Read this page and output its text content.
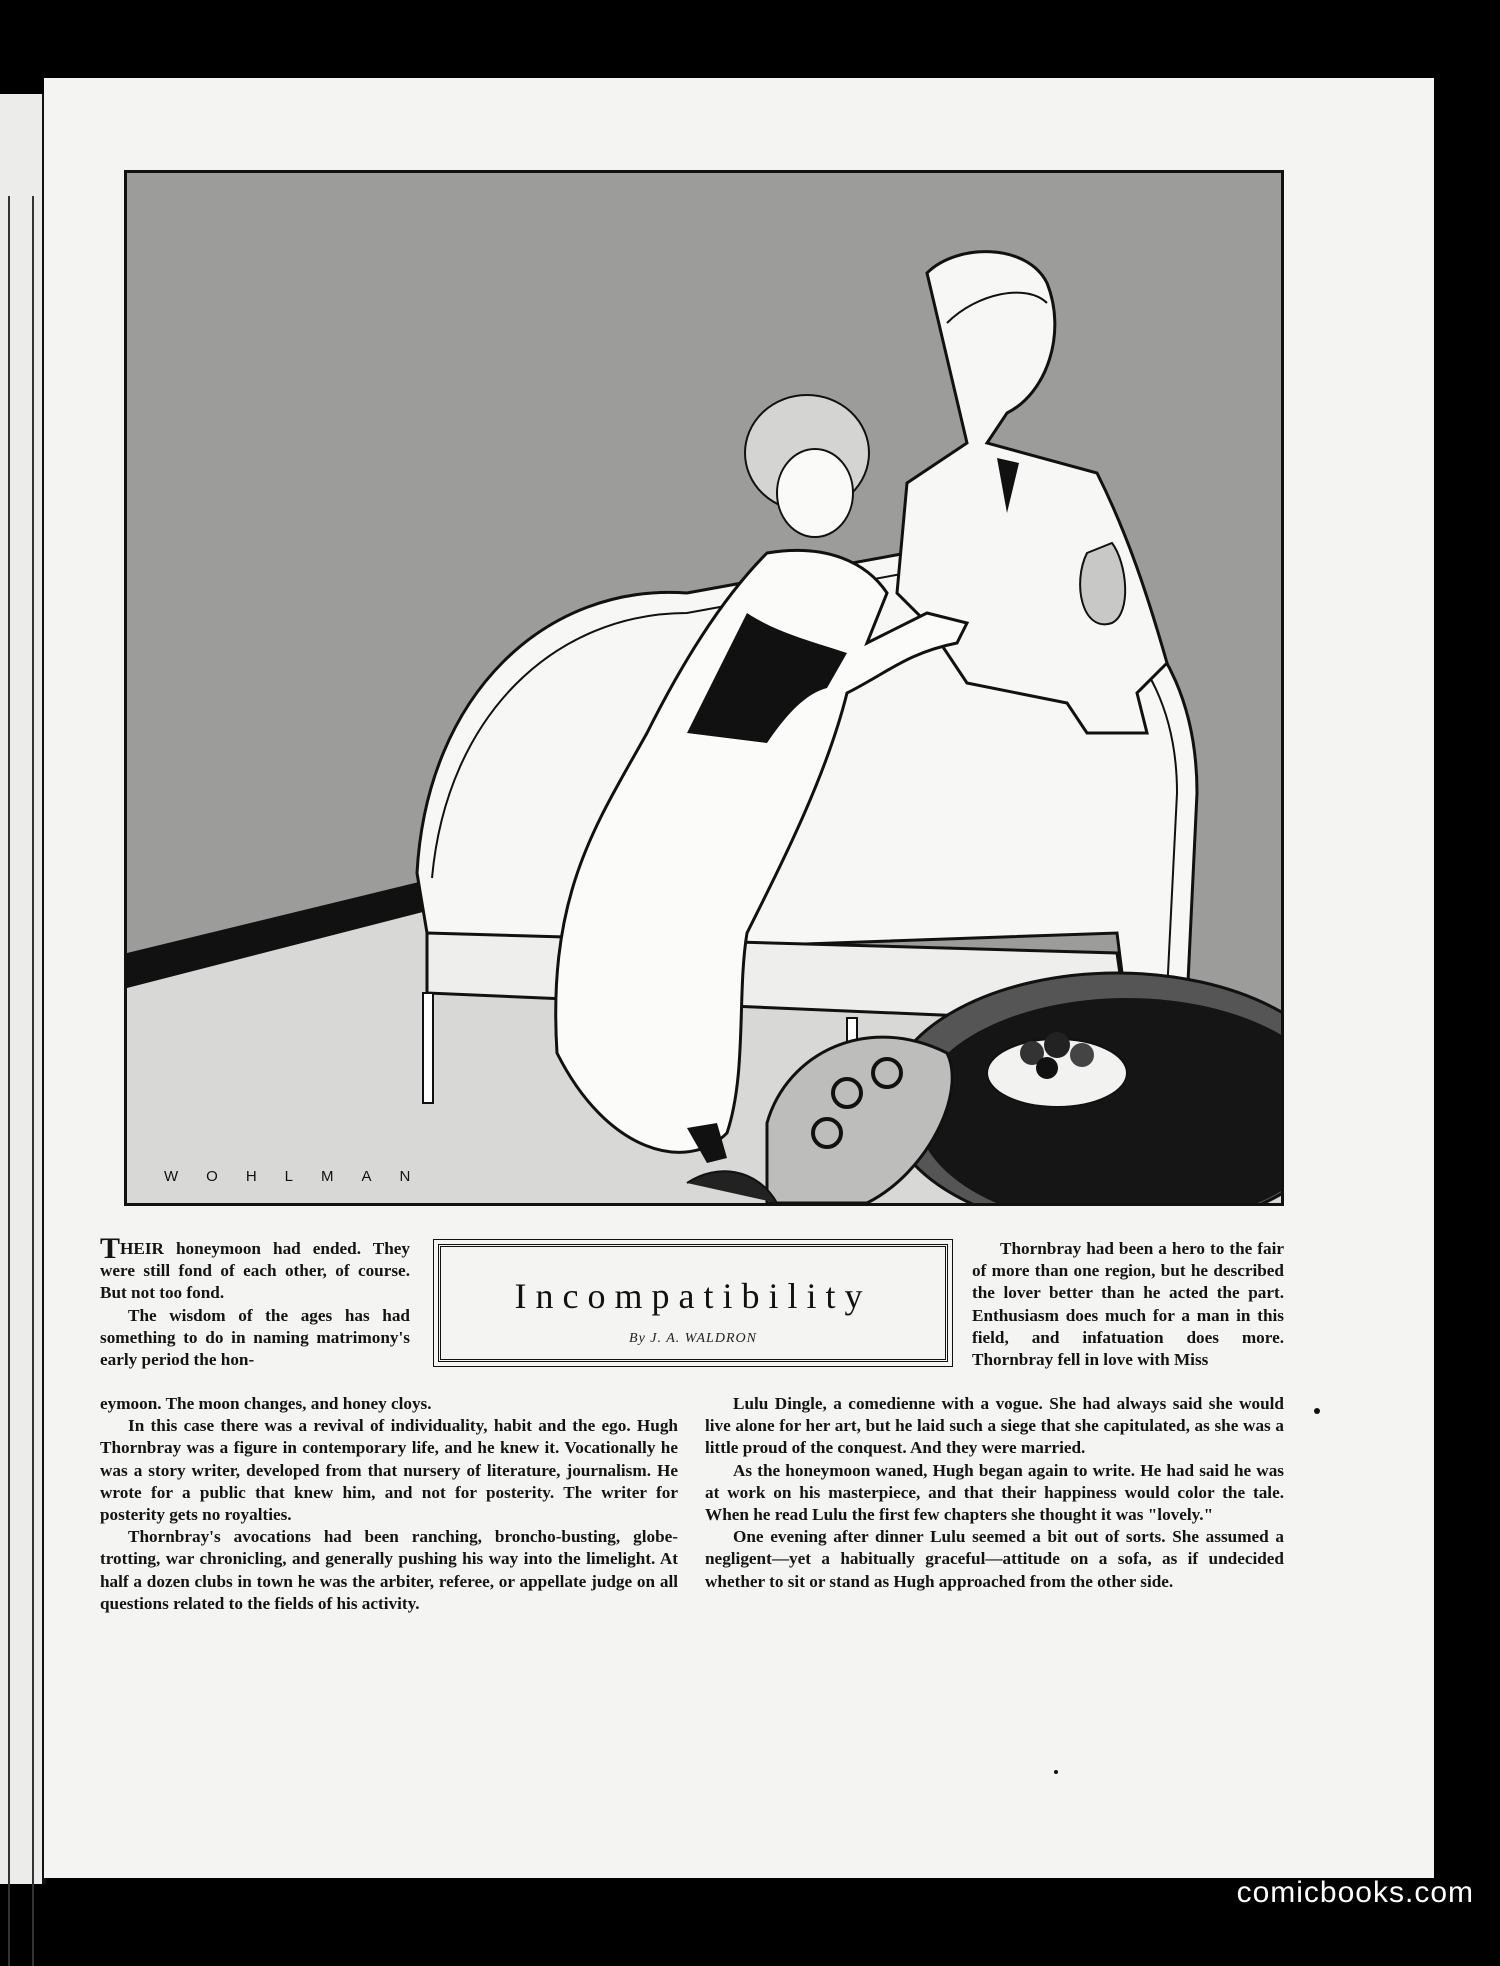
WOHLMAN
Incompatibility
By J. A. WALDRON

THEIR honeymoon had ended. They were still fond of each other, of course. But not too fond.

The wisdom of the ages has had something to do in naming matrimony's early period the hon-

eymoon. The moon changes, and honey cloys.

In this case there was a revival of individuality, habit and the ego. Hugh Thornbray was a figure in contemporary life, and he knew it. Vocationally he was a story writer, developed from that nursery of literature, journalism. He wrote for a public that knew him, and not for posterity. The writer for posterity gets no royalties.

Thornbray's avocations had been ranching, broncho-busting, globe-trotting, war chronicling, and generally pushing his way into the limelight. At half a dozen clubs in town he was the arbiter, referee, or appellate judge on all questions related to the fields of his activity.

Thornbray had been a hero to the fair of more than one region, but he described the lover better than he acted the part. Enthusiasm does much for a man in this field, and infatuation does more. Thornbray fell in love with Miss

Lulu Dingle, a comedienne with a vogue. She had always said she would live alone for her art, but he laid such a siege that she capitulated, as she was a little proud of the conquest. And they were married.

As the honeymoon waned, Hugh began again to write. He had said he was at work on his masterpiece, and that their happiness would color the tale. When he read Lulu the first few chapters she thought it was "lovely."

One evening after dinner Lulu seemed a bit out of sorts. She assumed a negligent—yet a habitually graceful—attitude on a sofa, as if undecided whether to sit or stand as Hugh approached from the other side.

comicbooks.com
